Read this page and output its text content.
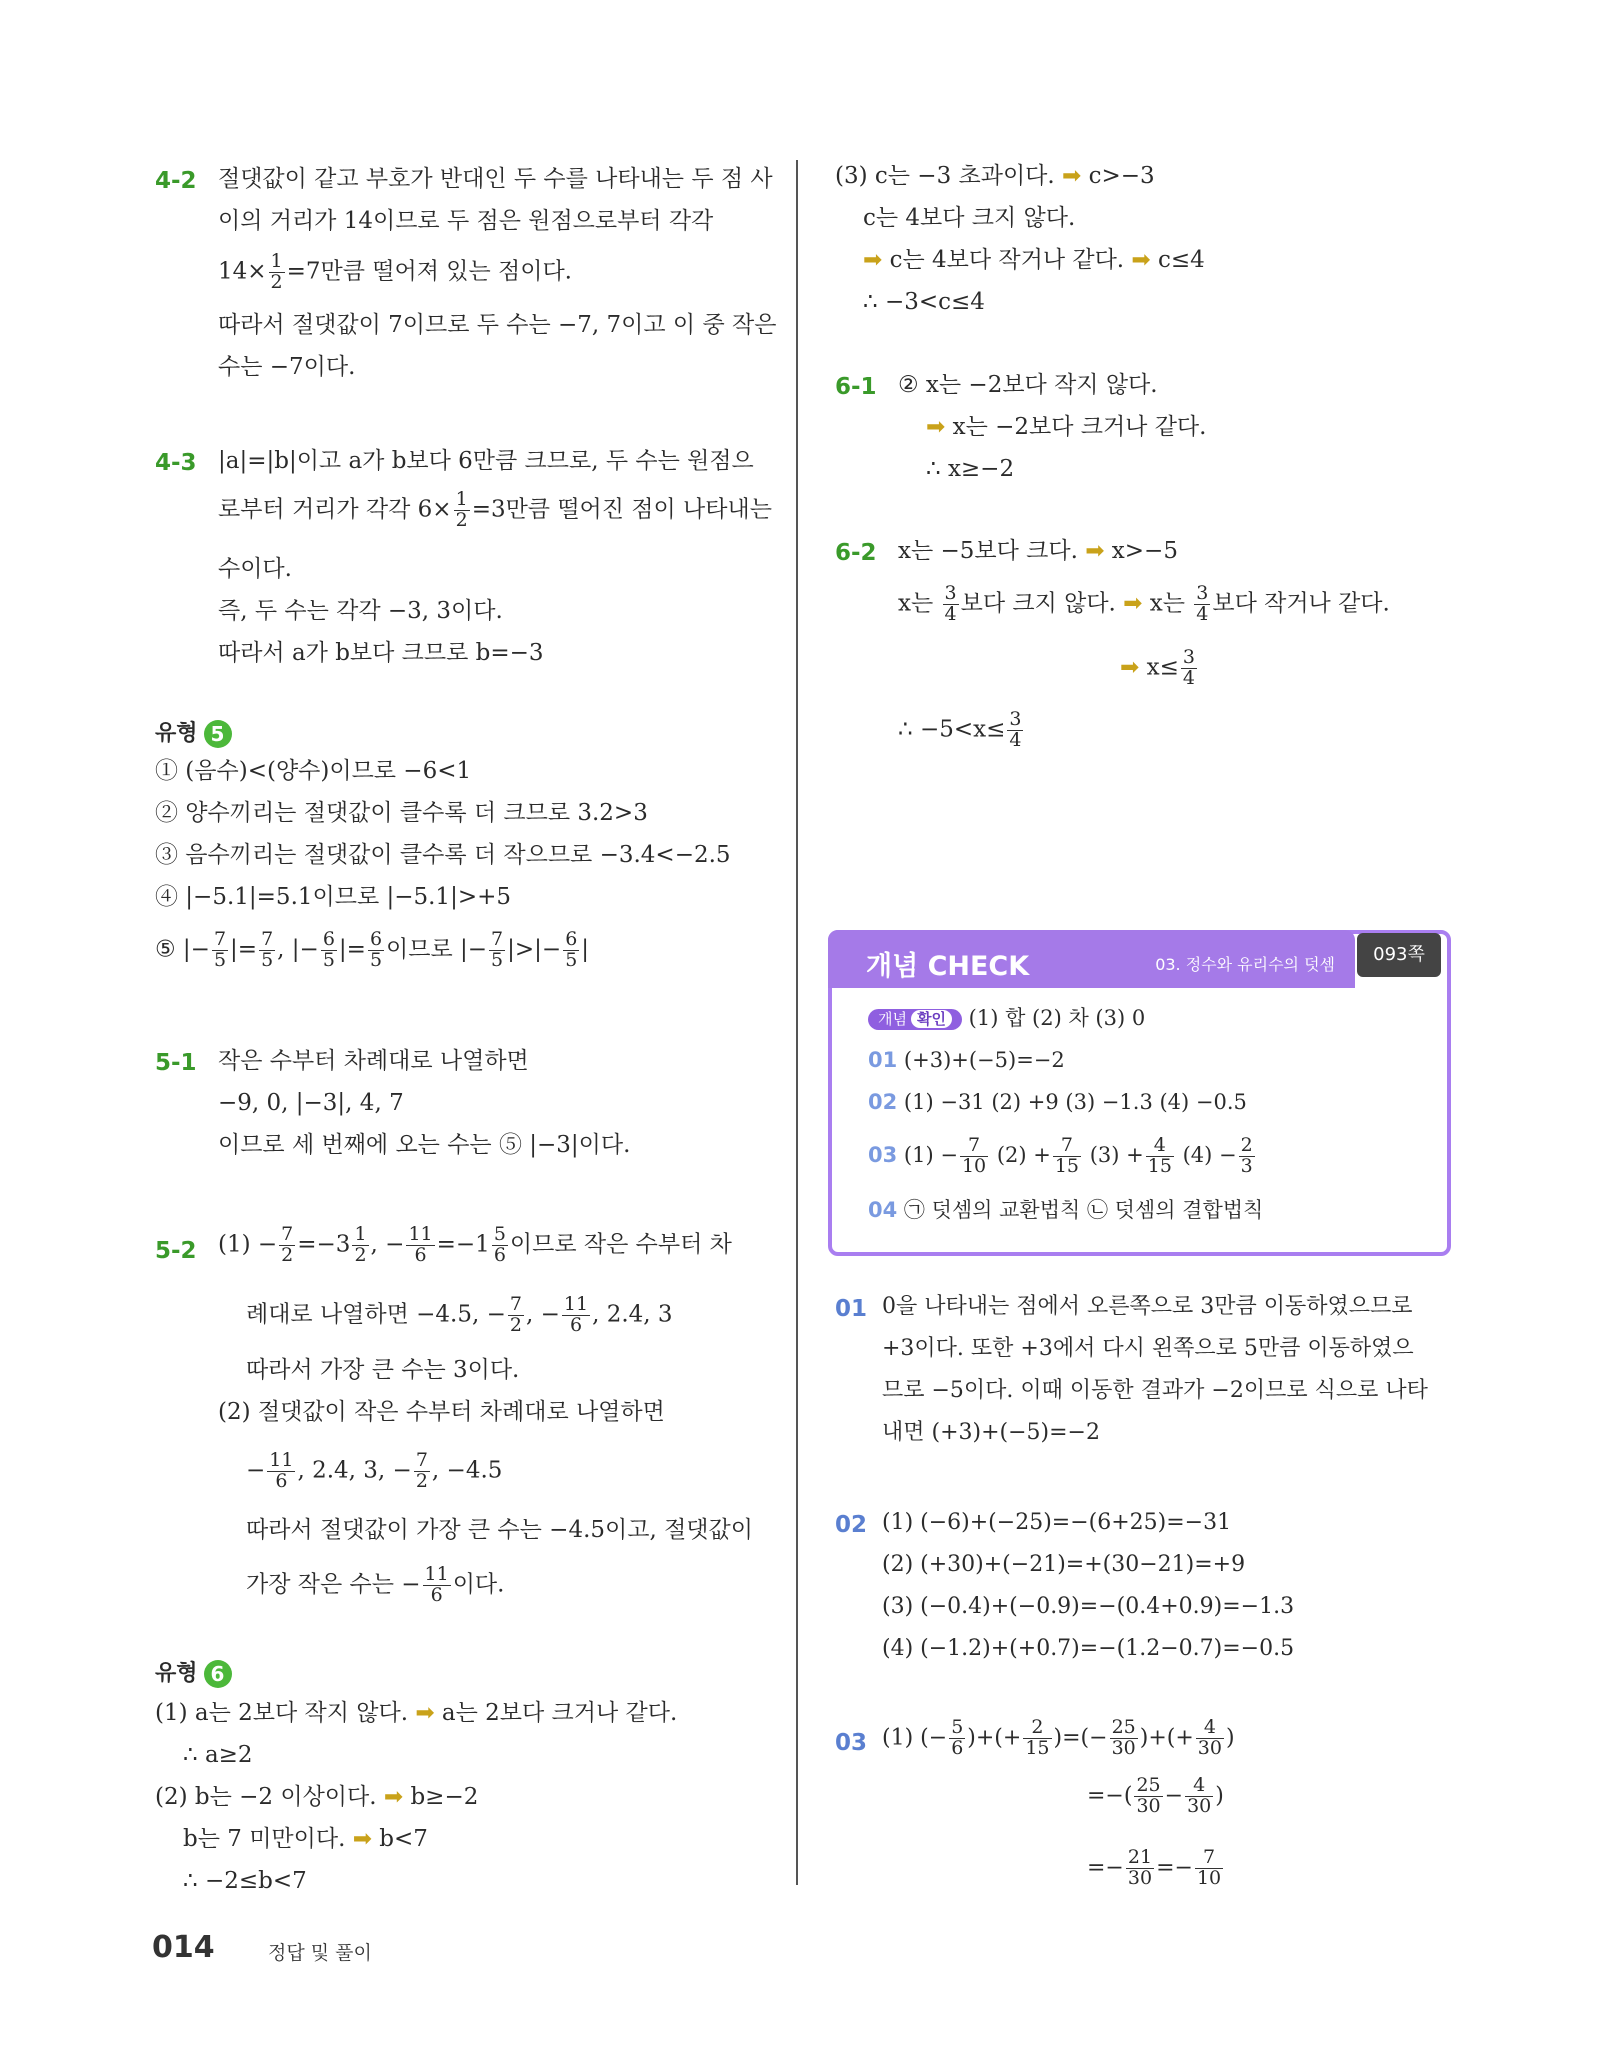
4-2 절댓값이 같고 부호가 반대인 두 수를 나타내는 두 점 사
이의 거리가 14이므로 두 점은 원점으로부터 각각
$14\times \frac{1}{2} =7$만큼 떨어져 있는 점이다.
따라서 절댓값이 7이므로 두 수는 −7, 7이고 이 중 작은
수는 −7이다.
4-3 |a|=|b|이고 a가 b보다 6만큼 크므로, 두 수는 원점으
로부터 거리가 각각 $6\times \frac{1}{2} =3$만큼 떨어진 점이 나타내는
수이다.
즉, 두 수는 각각 −3, 3이다.
따라서 a가 b보다 크므로 b=−3
유형 5
① (음수)<(양수)이므로 −6<1
② 양수끼리는 절댓값이 클수록 더 크므로 3.2>3
③ 음수끼리는 절댓값이 클수록 더 작으므로 −3.4<−2.5
④ |−5.1|=5.1이므로 |−5.1|>+5
⑤ |− $\frac{7}{5}$ |= $\frac{7}{5}$ , |− $\frac{6}{5}$ |= $\frac{6}{5}$ 이므로 |− $\frac{7}{5}$ |>|− $\frac{6}{5}$ |
5-1 작은 수부터 차례대로 나열하면
−9, 0, |−3|, 4, 7
이므로 세 번째에 오는 수는 ⑤ |−3|이다.
5-2 $(1) - \frac{7}{2} =-3 \frac{1}{2}$ , − $\frac{11}{6} =-1 \frac{5}{6}$ 이므로 작은 수부터 차
례대로 나열하면 −4.5, − $\frac{7}{2}$ , − $\frac{11}{6}$ , 2.4, 3
따라서 가장 큰 수는 3이다.
(2) 절댓값이 작은 수부터 차례대로 나열하면
− $\frac{11}{6}$ , 2.4, 3, − $\frac{7}{2}$ , −4.5
따라서 절댓값이 가장 큰 수는 −4.5이고, 절댓값이
가장 작은 수는 − $\frac{11}{6}$ 이다.
유형 6
(1) a는 2보다 작지 않다. ➡ a는 2보다 크거나 같다.
∴ a≥2
(2) b는 −2 이상이다. ➡ b≥−2
b는 7 미만이다. ➡ b<7
∴ −2≤b<7
(3) c는 −3 초과이다. ➡ c>−3
c는 4보다 크지 않다.
➡ c는 4보다 작거나 같다. ➡ c≤4
∴ −3<c≤4
6-1 ② x는 −2보다 작지 않다.
➡ x는 −2보다 크거나 같다.
∴ x≥−2
6-2 x는 −5보다 크다. ➡ x>−5
x는 $\frac{3}{4}$ 보다 크지 않다. ➡ x는 $\frac{3}{4}$ 보다 작거나 같다.
➡ $x\le \frac{3}{4}$
∴ $-5<x\le \frac{3}{4}$
개념 CHECK	03. 정수와 유리수의 덧셈	093쪽
개념 확인 (1) 합 (2) 차 (3) 0
01 (+3)+(−5)=−2
02 (1) −31 (2) +9 (3) −1.3 (4) −0.5
03 $(1) - \frac{7}{10} (2) + \frac{7}{15} (3) + \frac{4}{15} (4) - \frac{2}{3}$
04 ㉠ 덧셈의 교환법칙 ㉡ 덧셈의 결합법칙
01 0을 나타내는 점에서 오른쪽으로 3만큼 이동하였으므로
+3이다. 또한 +3에서 다시 왼쪽으로 5만큼 이동하였으
므로 −5이다. 이때 이동한 결과가 −2이므로 식으로 나타
내면 (+3)+(−5)=−2
02 (1) (−6)+(−25)=−(6+25)=−31
(2) (+30)+(−21)=+(30−21)=+9
(3) (−0.4)+(−0.9)=−(0.4+0.9)=−1.3
(4) (−1.2)+(+0.7)=−(1.2−0.7)=−0.5
03 (1) (− $\frac{5}{6}$ )+(+ $\frac{2}{15}$ )=(− $\frac{25}{30}$ )+(+ $\frac{4}{30}$ )
=−( $\frac{25}{30} - \frac{4}{30}$ )
=− $\frac{21}{30} =- \frac{7}{10}$
014	정답 및 풀이
